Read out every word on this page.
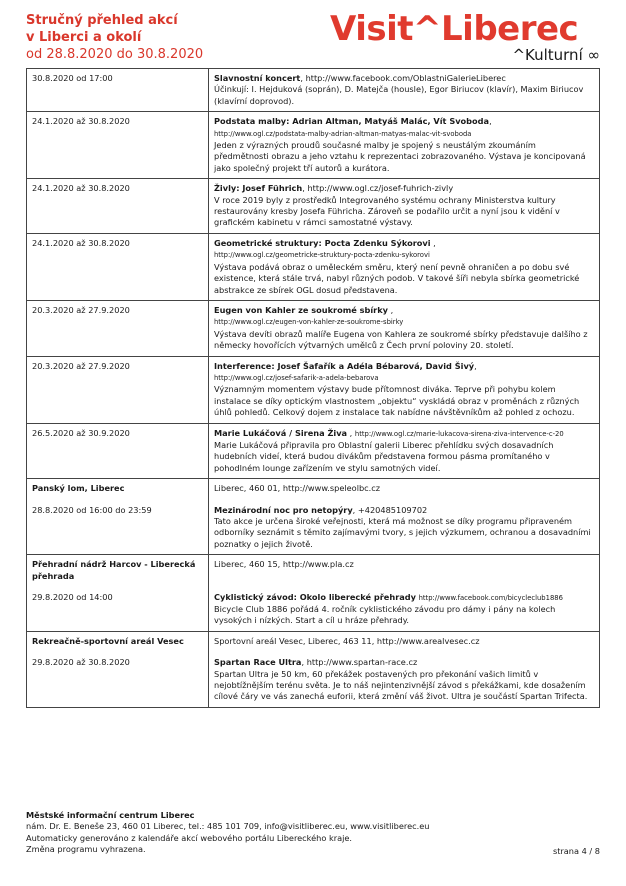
Stručný přehled akcí
v Liberci a okolí
od 28.8.2020 do 30.8.2020
Visit^Liberec
^Kulturní ∞
30.8.2020 od 17:00	Slavnostní koncert, http://www.facebook.com/OblastniGalerieLiberec
Účinkují: I. Hejduková (soprán), D. Matejča (housle), Egor Biriucov (klavír), Maxim Biriucov (klavírní doprovod).
24.1.2020 až 30.8.2020	Podstata malby: Adrian Altman, Matyáš Malác, Vít Svoboda,
http://www.ogl.cz/podstata-malby-adrian-altman-matyas-malac-vit-svoboda
Jeden z výrazných proudů současné malby je spojený s neustálým zkoumáním předmětnosti obrazu a jeho vztahu k reprezentaci zobrazovaného. Výstava je koncipovaná jako společný projekt tří autorů a kurátora.
24.1.2020 až 30.8.2020	Živly: Josef Führich, http://www.ogl.cz/josef-fuhrich-zivly
V roce 2019 byly z prostředků Integrovaného systému ochrany Ministerstva kultury restaurovány kresby Josefa Führicha. Zároveň se podařilo určit a nyní jsou k vidění v grafickém kabinetu v rámci samostatné výstavy.
24.1.2020 až 30.8.2020	Geometrické struktury: Pocta Zdenku Sýkorovi ,
http://www.ogl.cz/geometricke-struktury-pocta-zdenku-sykorovi
Výstava podává obraz o uměleckém směru, který není pevně ohraničen a po dobu své existence, která stále trvá, nabyl různých podob. V takové šíři nebyla sbírka geometrické abstrakce ze sbírek OGL dosud představena.
20.3.2020 až 27.9.2020	Eugen von Kahler ze soukromé sbírky ,
http://www.ogl.cz/eugen-von-kahler-ze-soukrome-sbirky
Výstava devíti obrazů malíře Eugena von Kahlera ze soukromé sbírky představuje dalšího z německy hovořících výtvarných umělců z Čech první poloviny 20. století.
20.3.2020 až 27.9.2020	Interference: Josef Šafařík a Adéla Bébarová, David Šivý,
http://www.ogl.cz/josef-safarik-a-adela-bebarova
Významným momentem výstavy bude přítomnost diváka. Teprve při pohybu kolem instalace se díky optickým vlastnostem „objektu“ vyskládá obraz v proměnách z různých úhlů pohledů. Celkový dojem z instalace tak nabídne návštěvníkům až pohled z ochozu.
26.5.2020 až 30.9.2020	Marie Lukáčová / Sirena Živa , http://www.ogl.cz/marie-lukacova-sirena-ziva-intervence-c-20
Marie Lukáčová připravila pro Oblastní galerii Liberec přehlídku svých dosavadních hudebních videí, která budou divákům představena formou pásma promítaného v pohodlném lounge zařízením ve stylu samotných videí.

Panský lom, Liberec
28.8.2020 od 16:00 do 23:59	Liberec, 460 01, http://www.speleolbc.cz
Mezinárodní noc pro netopýry, +420485109702
Tato akce je určena široké veřejnosti, která má možnost se díky programu připraveném odborníky seznámit s těmito zajímavými tvory, s jejich výzkumem, ochranou a dosavadními poznatky o jejich životě.

Přehradní nádrž Harcov - Liberecká přehrada
29.8.2020 od 14:00	Liberec, 460 15, http://www.pla.cz
Cyklistický závod: Okolo liberecké přehrady http://www.facebook.com/bicycleclub1886
Bicycle Club 1886 pořádá 4. ročník cyklistického závodu pro dámy i pány na kolech vysokých i nízkých. Start a cíl u hráze přehrady.

Rekreačně-sportovní areál Vesec
29.8.2020 až 30.8.2020	Sportovní areál Vesec, Liberec, 463 11, http://www.arealvesec.cz
Spartan Race Ultra, http://www.spartan-race.cz
Spartan Ultra je 50 km, 60 překážek postavených pro překonání vašich limitů v nejobtížnějším terénu světa. Je to náš nejintenzivnější závod s překážkami, kde dosažením cílové čáry ve vás zanechá euforii, která změní váš život. Ultra je součástí Spartan Trifecta.
Městské informační centrum Liberec
nám. Dr. E. Beneše 23, 460 01 Liberec, tel.: 485 101 709, info@visitliberec.eu, www.visitliberec.eu
Automaticky generováno z kalendáře akcí webového portálu Libereckého kraje.
Změna programu vyhrazena.	strana 4 / 8
